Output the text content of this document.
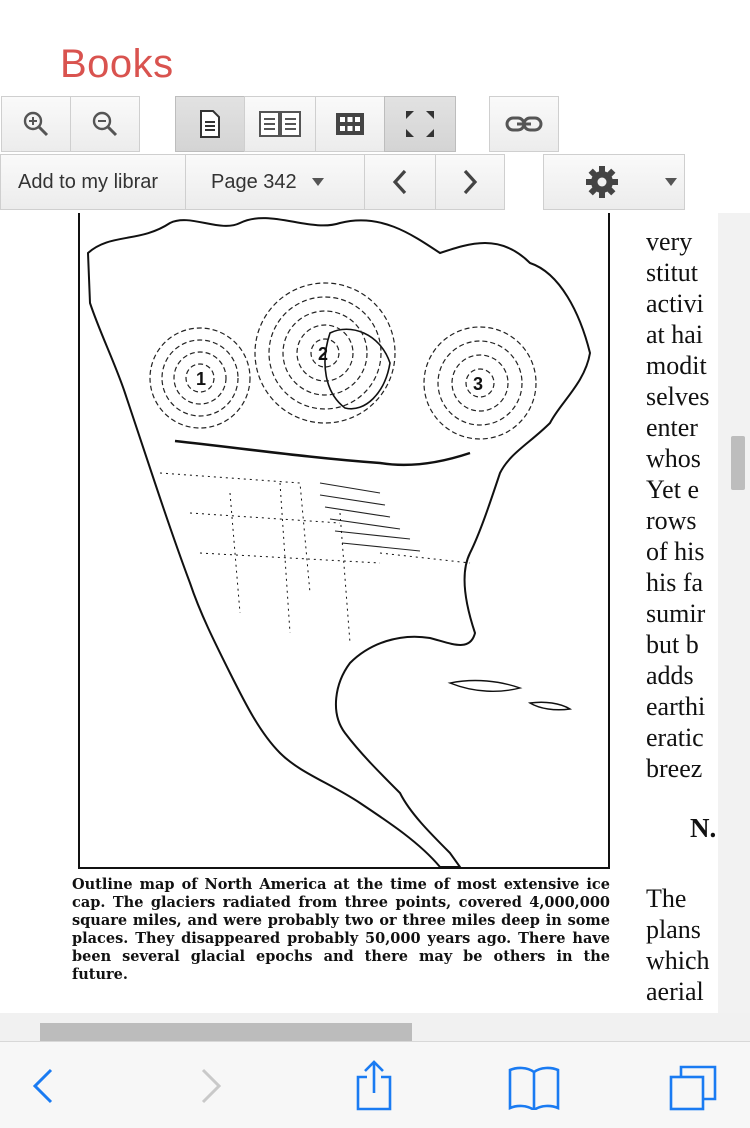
Books
Add to my librar	Page 342
1
2
3
Outline map of North America at the time of most extensive ice cap. The glaciers radiated from three points, covered 4,000,000 square miles, and were probably two or three miles deep in some places. They disappeared probably 50,000 years ago. There have been several glacial epochs and there may be others in the future.
very
stitut
activi
at hai
modit
selves
enter
whos
Yet e
rows
of his
his fa
sumir
but b
adds
earthi
eratic
breez
N.
The
plans
which
aerial
